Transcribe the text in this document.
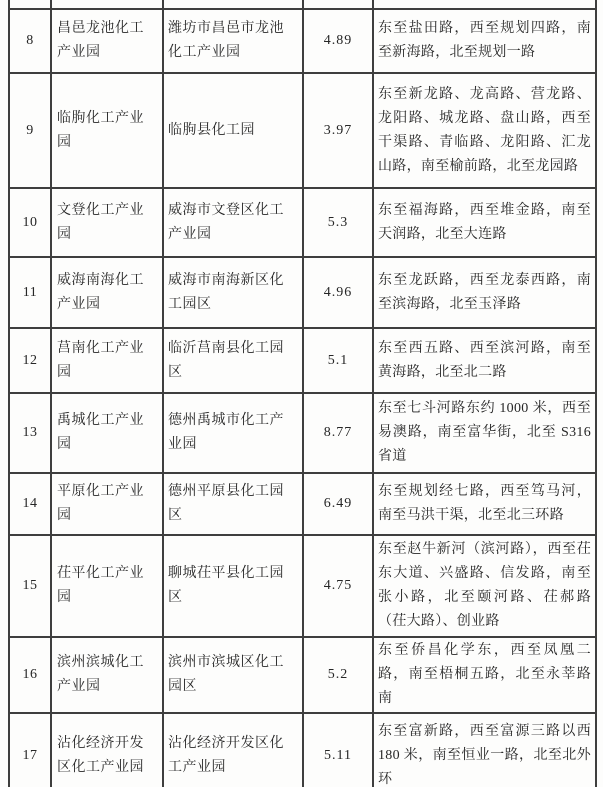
8	昌邑龙池化工产业园	潍坊市昌邑市龙池化工产业园	4.89	东至盐田路，西至规划四路，南至新海路，北至规划一路
9	临朐化工产业园	临朐县化工园	3.97	东至新龙路、龙高路、营龙路、龙阳路、城龙路、盘山路，西至干渠路、青临路、龙阳路、汇龙山路，南至榆前路，北至龙园路
10	文登化工产业园	威海市文登区化工产业园	5.3	东至福海路，西至堆金路，南至天润路，北至大连路
11	威海南海化工产业园	威海市南海新区化工园区	4.96	东至龙跃路，西至龙泰西路，南至滨海路，北至玉泽路
12	莒南化工产业园	临沂莒南县化工园区	5.1	东至西五路、西至滨河路，南至黄海路，北至北二路
13	禹城化工产业园	德州禹城市化工产业园	8.77	东至七斗河路东约 1000 米，西至易澳路，南至富华街，北至 S316 省道
14	平原化工产业园	德州平原县化工园区	6.49	东至规划经七路，西至笃马河，南至马洪干渠，北至北三环路
15	茌平化工产业园	聊城茌平县化工园区	4.75	东至赵牛新河（滨河路），西至茌东大道、兴盛路、信发路，南至张小路，北至颐河路、茌郝路（茌大路）、创业路
16	滨州滨城化工产业园	滨州市滨城区化工园区	5.2	东至侨昌化学东，西至凤凰二路，南至梧桐五路，北至永莘路南
17	沾化经济开发区化工产业园	沾化经济开发区化工产业园	5.11	东至富新路，西至富源三路以西 180 米，南至恒业一路，北至北外环
